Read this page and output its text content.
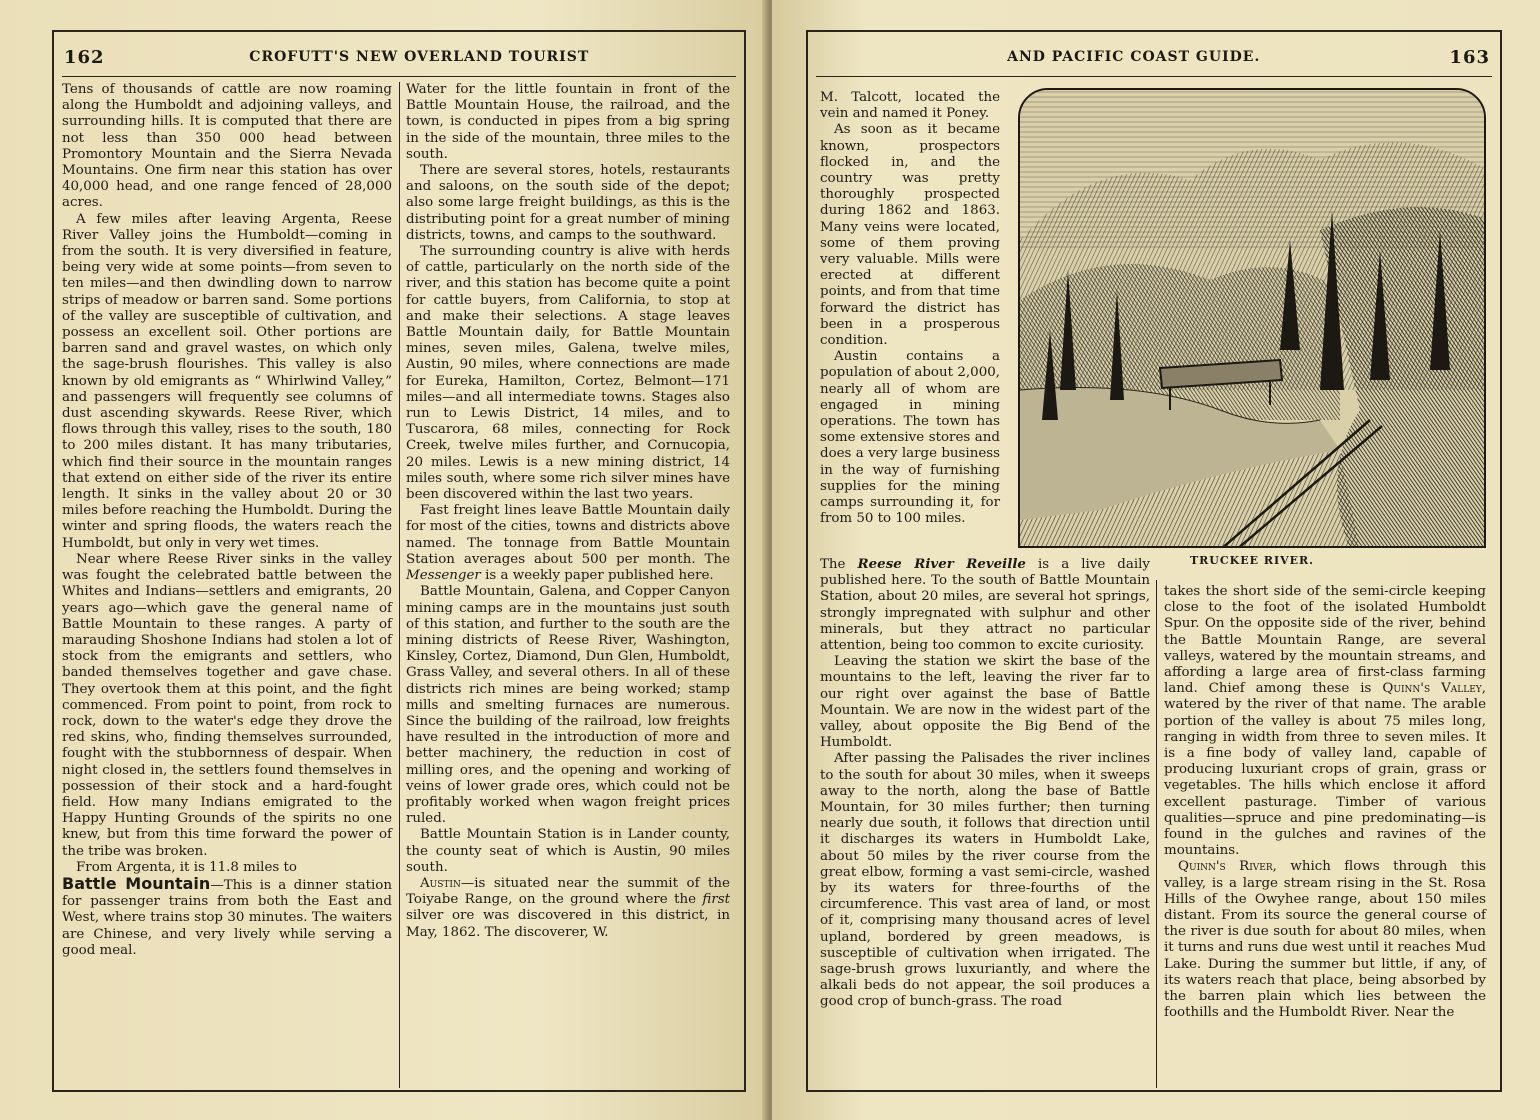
162	CROFUTT'S NEW OVERLAND TOURIST

Tens of thousands of cattle are now roaming along the Humboldt and adjoining valleys, and surrounding hills. It is computed that there are not less than 350 000 head between Promontory Mountain and the Sierra Nevada Mountains. One firm near this station has over 40,000 head, and one range fenced of 28,000 acres.

A few miles after leaving Argenta, Reese River Valley joins the Humboldt—coming in from the south. It is very diversified in feature, being very wide at some points—from seven to ten miles—and then dwindling down to narrow strips of meadow or barren sand. Some portions of the valley are susceptible of cultivation, and possess an excellent soil. Other portions are barren sand and gravel wastes, on which only the sage-brush flourishes. This valley is also known by old emigrants as “ Whirlwind Valley,” and passengers will frequently see columns of dust ascending skywards. Reese River, which flows through this valley, rises to the south, 180 to 200 miles distant. It has many tributaries, which find their source in the mountain ranges that extend on either side of the river its entire length. It sinks in the valley about 20 or 30 miles before reaching the Humboldt. During the winter and spring floods, the waters reach the Humboldt, but only in very wet times.

Near where Reese River sinks in the valley was fought the celebrated battle between the Whites and Indians—settlers and emigrants, 20 years ago—which gave the general name of Battle Mountain to these ranges. A party of marauding Shoshone Indians had stolen a lot of stock from the emigrants and settlers, who banded themselves together and gave chase. They overtook them at this point, and the fight commenced. From point to point, from rock to rock, down to the water's edge they drove the red skins, who, finding themselves surrounded, fought with the stubbornness of despair. When night closed in, the settlers found themselves in possession of their stock and a hard-fought field. How many Indians emigrated to the Happy Hunting Grounds of the spirits no one knew, but from this time forward the power of the tribe was broken.

From Argenta, it is 11.8 miles to

Battle Mountain—This is a dinner station for passenger trains from both the East and West, where trains stop 30 minutes. The waiters are Chinese, and very lively while serving a good meal.

Water for the little fountain in front of the Battle Mountain House, the railroad, and the town, is conducted in pipes from a big spring in the side of the mountain, three miles to the south.

There are several stores, hotels, restaurants and saloons, on the south side of the depot; also some large freight buildings, as this is the distributing point for a great number of mining districts, towns, and camps to the southward.

The surrounding country is alive with herds of cattle, particularly on the north side of the river, and this station has become quite a point for cattle buyers, from California, to stop at and make their selections. A stage leaves Battle Mountain daily, for Battle Mountain mines, seven miles, Galena, twelve miles, Austin, 90 miles, where connections are made for Eureka, Hamilton, Cortez, Belmont—171 miles—and all intermediate towns. Stages also run to Lewis District, 14 miles, and to Tuscarora, 68 miles, connecting for Rock Creek, twelve miles further, and Cornucopia, 20 miles. Lewis is a new mining district, 14 miles south, where some rich silver mines have been discovered within the last two years.

Fast freight lines leave Battle Mountain daily for most of the cities, towns and districts above named. The tonnage from Battle Mountain Station averages about 500 per month. The Messenger is a weekly paper published here.

Battle Mountain, Galena, and Copper Canyon mining camps are in the mountains just south of this station, and further to the south are the mining districts of Reese River, Washington, Kinsley, Cortez, Diamond, Dun Glen, Humboldt, Grass Valley, and several others. In all of these districts rich mines are being worked; stamp mills and smelting furnaces are numerous. Since the building of the railroad, low freights have resulted in the introduction of more and better machinery, the reduction in cost of milling ores, and the opening and working of veins of lower grade ores, which could not be profitably worked when wagon freight prices ruled.

Battle Mountain Station is in Lander county, the county seat of which is Austin, 90 miles south.

Austin—is situated near the summit of the Toiyabe Range, on the ground where the first silver ore was discovered in this district, in May, 1862. The discoverer, W.

AND PACIFIC COAST GUIDE.	163

M. Talcott, located the vein and named it Poney.

As soon as it became known, prospectors flocked in, and the country was pretty thoroughly prospected during 1862 and 1863. Many veins were located, some of them proving very valuable. Mills were erected at different points, and from that time forward the district has been in a prosperous condition.

Austin contains a population of about 2,000, nearly all of whom are engaged in mining operations. The town has some extensive stores and does a very large business in the way of furnishing supplies for the mining camps surrounding it, for from 50 to 100 miles.

TRUCKEE RIVER.

The Reese River Reveille is a live daily published here. To the south of Battle Mountain Station, about 20 miles, are several hot springs, strongly impregnated with sulphur and other minerals, but they attract no particular attention, being too common to excite curiosity.

Leaving the station we skirt the base of the mountains to the left, leaving the river far to our right over against the base of Battle Mountain. We are now in the widest part of the valley, about opposite the Big Bend of the Humboldt.

After passing the Palisades the river inclines to the south for about 30 miles, when it sweeps away to the north, along the base of Battle Mountain, for 30 miles further; then turning nearly due south, it follows that direction until it discharges its waters in Humboldt Lake, about 50 miles by the river course from the great elbow, forming a vast semi-circle, washed by its waters for three-fourths of the circumference. This vast area of land, or most of it, comprising many thousand acres of level upland, bordered by green meadows, is susceptible of cultivation when irrigated. The sage-brush grows luxuriantly, and where the alkali beds do not appear, the soil produces a good crop of bunch-grass. The road

takes the short side of the semi-circle keeping close to the foot of the isolated Humboldt Spur. On the opposite side of the river, behind the Battle Mountain Range, are several valleys, watered by the mountain streams, and affording a large area of first-class farming land. Chief among these is Quinn's Valley, watered by the river of that name. The arable portion of the valley is about 75 miles long, ranging in width from three to seven miles. It is a fine body of valley land, capable of producing luxuriant crops of grain, grass or vegetables. The hills which enclose it afford excellent pasturage. Timber of various qualities—spruce and pine predominating—is found in the gulches and ravines of the mountains.

Quinn's River, which flows through this valley, is a large stream rising in the St. Rosa Hills of the Owyhee range, about 150 miles distant. From its source the general course of the river is due south for about 80 miles, when it turns and runs due west until it reaches Mud Lake. During the summer but little, if any, of its waters reach that place, being absorbed by the barren plain which lies between the foothills and the Humboldt River. Near the
